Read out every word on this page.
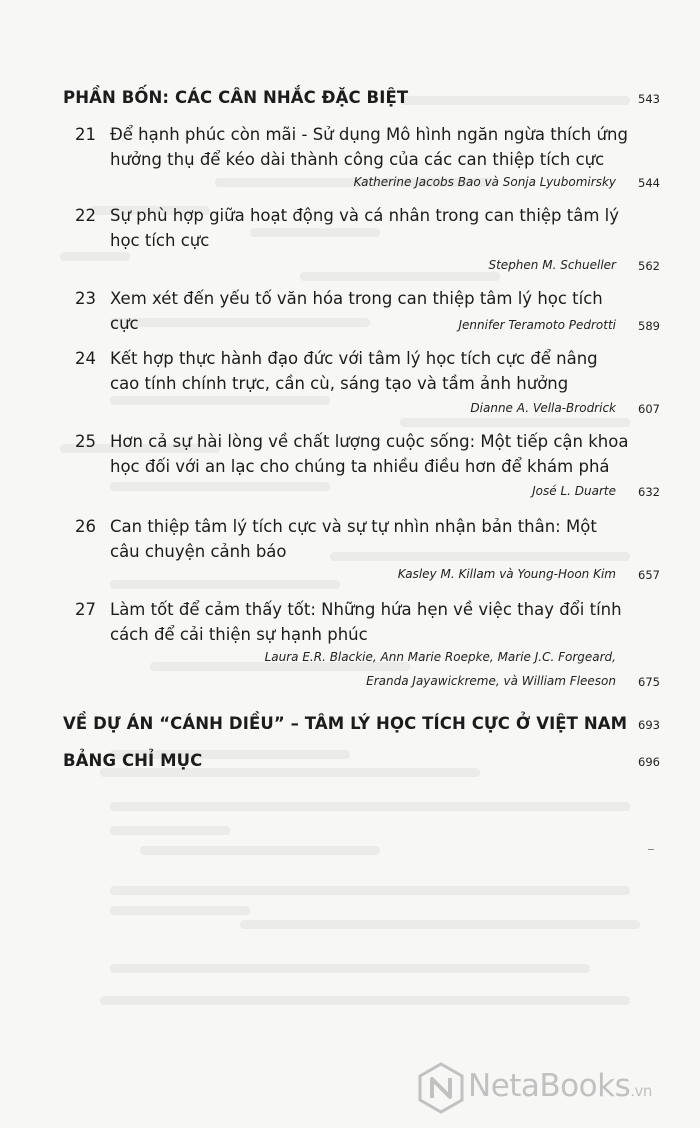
PHẦN BỐN: CÁC CÂN NHẮC ĐẶC BIỆT	543
21 Để hạnh phúc còn mãi - Sử dụng Mô hình ngăn ngừa thích ứng hưởng thụ để kéo dài thành công của các can thiệp tích cực
Katherine Jacobs Bao và Sonja Lyubomirsky 544
22 Sự phù hợp giữa hoạt động và cá nhân trong can thiệp tâm lý học tích cực
Stephen M. Schueller 562
23 Xem xét đến yếu tố văn hóa trong can thiệp tâm lý học tích cực	Jennifer Teramoto Pedrotti 589
24 Kết hợp thực hành đạo đức với tâm lý học tích cực để nâng cao tính chính trực, cần cù, sáng tạo và tầm ảnh hưởng
Dianne A. Vella-Brodrick 607
25 Hơn cả sự hài lòng về chất lượng cuộc sống: Một tiếp cận khoa học đối với an lạc cho chúng ta nhiều điều hơn để khám phá
José L. Duarte 632
26 Can thiệp tâm lý tích cực và sự tự nhìn nhận bản thân: Một câu chuyện cảnh báo
Kasley M. Killam và Young-Hoon Kim 657
27 Làm tốt để cảm thấy tốt: Những hứa hẹn về việc thay đổi tính cách để cải thiện sự hạnh phúc
Laura E.R. Blackie, Ann Marie Roepke, Marie J.C. Forgeard,
Eranda Jayawickreme, và William Fleeson 675
VỀ DỰ ÁN “CÁNH DIỀU” – TÂM LÝ HỌC TÍCH CỰC Ở VIỆT NAM 693
BẢNG CHỈ MỤC	696
NetaBooks.vn
